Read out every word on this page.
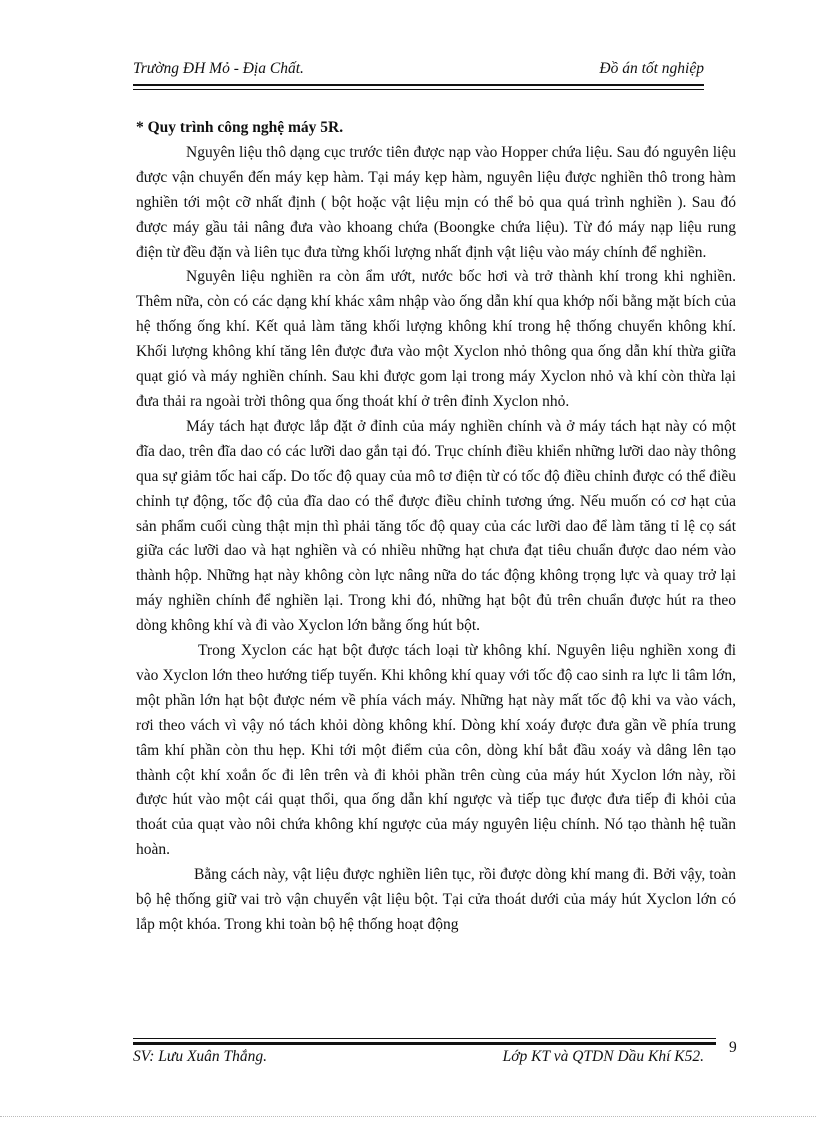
Trường ĐH Mỏ - Địa Chất.	Đồ án tốt nghiệp
* Quy trình công nghệ máy 5R.

Nguyên liệu thô dạng cục trước tiên được nạp vào Hopper chứa liệu. Sau đó nguyên liệu được vận chuyển đến máy kẹp hàm. Tại máy kẹp hàm, nguyên liệu được nghiền thô trong hàm nghiền tới một cỡ nhất định ( bột hoặc vật liệu mịn có thể bỏ qua quá trình nghiền ). Sau đó được máy gầu tải nâng đưa vào khoang chứa (Boongke chứa liệu). Từ đó máy nạp liệu rung điện từ đều đặn và liên tục đưa từng khối lượng nhất định vật liệu vào máy chính để nghiền.

Nguyên liệu nghiền ra còn ẩm ướt, nước bốc hơi và trở thành khí trong khi nghiền. Thêm nữa, còn có các dạng khí khác xâm nhập vào ống dẫn khí qua khớp nối bằng mặt bích của hệ thống ống khí. Kết quả làm tăng khối lượng không khí trong hệ thống chuyển không khí. Khối lượng không khí tăng lên được đưa vào một Xyclon nhỏ thông qua ống dẫn khí thừa giữa quạt gió và máy nghiền chính. Sau khi được gom lại trong máy Xyclon nhỏ và khí còn thừa lại đưa thải ra ngoài trời thông qua ống thoát khí ở trên đỉnh Xyclon nhỏ.

Máy tách hạt được lắp đặt ở đỉnh của máy nghiền chính và ở máy tách hạt này có một đĩa dao, trên đĩa dao có các lưỡi dao gắn tại đó. Trục chính điều khiển những lưỡi dao này thông qua sự giảm tốc hai cấp. Do tốc độ quay của mô tơ điện từ có tốc độ điều chỉnh được có thể điều chỉnh tự động, tốc độ của đĩa dao có thể được điều chỉnh tương ứng. Nếu muốn có cơ hạt của sản phẩm cuối cùng thật mịn thì phải tăng tốc độ quay của các lưỡi dao để làm tăng tỉ lệ cọ sát giữa các lưỡi dao và hạt nghiền và có nhiều những hạt chưa đạt tiêu chuẩn được dao ném vào thành hộp. Những hạt này không còn lực nâng nữa do tác động không trọng lực và quay trở lại máy nghiền chính để nghiền lại. Trong khi đó, những hạt bột đủ trên chuẩn được hút ra theo dòng không khí và đi vào Xyclon lớn bằng ống hút bột.

Trong Xyclon các hạt bột được tách loại từ không khí. Nguyên liệu nghiền xong đi vào Xyclon lớn theo hướng tiếp tuyến. Khi không khí quay với tốc độ cao sinh ra lực li tâm lớn, một phần lớn hạt bột được ném về phía vách máy. Những hạt này mất tốc độ khi va vào vách, rơi theo vách vì vậy nó tách khỏi dòng không khí. Dòng khí xoáy được đưa gần về phía trung tâm khí phần còn thu hẹp. Khi tới một điểm của côn, dòng khí bắt đầu xoáy và dâng lên tạo thành cột khí xoắn ốc đi lên trên và đi khỏi phần trên cùng của máy hút Xyclon lớn này, rồi được hút vào một cái quạt thổi, qua ống dẫn khí ngược và tiếp tục được đưa tiếp đi khỏi của thoát của quạt vào nôi chứa không khí ngược của máy nguyên liệu chính. Nó tạo thành hệ tuần hoàn.

Bằng cách này, vật liệu được nghiền liên tục, rồi được dòng khí mang đi. Bởi vậy, toàn bộ hệ thống giữ vai trò vận chuyển vật liệu bột. Tại cửa thoát dưới của máy hút Xyclon lớn có lắp một khóa. Trong khi toàn bộ hệ thống hoạt động

SV: Lưu Xuân Thắng.	Lớp KT và QTDN Dầu Khí K52.
9
